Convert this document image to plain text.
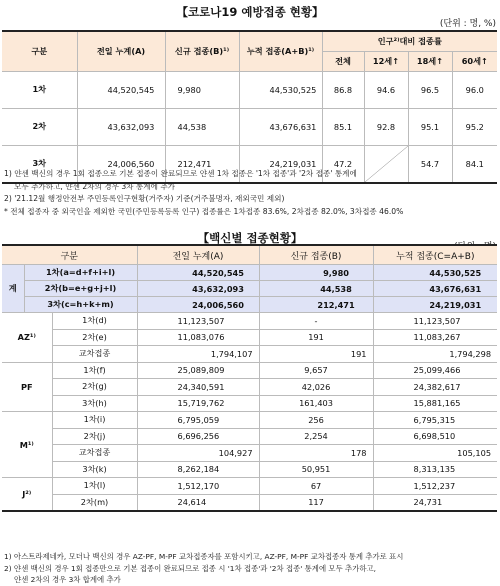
【코로나19 예방접종 현황】
(단위 : 명, %)
구분	전일 누계(A)	신규 접종(B)¹⁾	누적 접종(A+B)¹⁾	인구²⁾대비 접종률			
				전체	12세↑	18세↑	60세↑
1차	44,520,545	9,980	44,530,525	86.8	94.6	96.5	96.0
2차	43,632,093	44,538	43,676,631	85.1	92.8	95.1	95.2
3차	24,006,560	212,471	24,219,031	47.2		54.7	84.1

1) 얀센 백신의 경우 1회 접종으로 기본 접종이 완료되므로 얀센 1차 접종은 '1차 접종'과 '2차 접종' 통계에

모두 추가하고, 얀센 2차의 경우 3차 통계에 추가

2) '21.12월 행정안전부 주민등록인구현황(거주자) 기준(거주불명자, 재외국민 제외)

* 전체 접종자 중 외국인을 제외한 국민(주민등록등록 인구) 접종률은 1차접종 83.6%, 2차접종 82.0%, 3차접종 46.0%

【백신별 접종현황】
구분			전일 누계(A)	신규 접종(B)	누적 접종(C=A+B)
계	1차(a=d+f+i+l)		44,520,545	9,980	44,530,525
	2차(b=e+g+j+l)		43,632,093	44,538	43,676,631
	3차(c=h+k+m)		24,006,560	212,471	24,219,031
AZ¹⁾		1차(d)	11,123,507	-	11,123,507
		2차(e)	11,083,076	191	11,083,267
		교차접종	1,794,107	191	1,794,298
PF		1차(f)	25,089,809	9,657	25,099,466
		2차(g)	24,340,591	42,026	24,382,617
		3차(h)	15,719,762	161,403	15,881,165
M¹⁾		1차(i)	6,795,059	256	6,795,315
		2차(j)	6,696,256	2,254	6,698,510
		교차접종	104,927	178	105,105
		3차(k)	8,262,184	50,951	8,313,135
J²⁾		1차(l)	1,512,170	67	1,512,237
		2차(m)	24,614	117	24,731

1) 아스트라제네카, 모더나 백신의 경우 AZ-PF, M-PF 교차접종자를 포함시키고, AZ-PF, M-PF 교차접종자 통계 추가로 표시

2) 얀센 백신의 경우 1회 접종만으로 기본 접종이 완료되므로 접종 시 '1차 접종'과 '2차 접종' 통계에 모두 추가하고,

얀센 2차의 경우 3차 합계에 추가
